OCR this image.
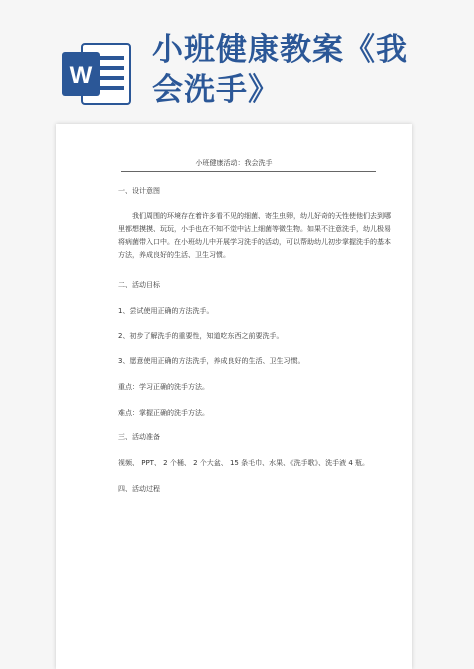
W
小班健康教案《我
会洗手》
小班健康活动：我会洗手
一、设计意图
我们周围的环境存在着许多看不见的细菌、寄生虫卵，幼儿好奇的天性使他们去到哪
里都想摸摸、玩玩，小手也在不知不觉中沾上细菌等微生物。如果不注意洗手，幼儿极易
将病菌带入口中。在小班幼儿中开展学习洗手的活动，可以帮助幼儿初步掌握洗手的基本
方法，养成良好的生活、卫生习惯。
二、活动目标
1、尝试使用正确的方法洗手。
2、初步了解洗手的重要性，知道吃东西之前要洗手。
3、愿意使用正确的方法洗手，养成良好的生活、卫生习惯。
重点：学习正确的洗手方法。
难点：掌握正确的洗手方法。
三、活动准备
视频、 PPT、 2 个桶、 2 个大盆、 15 条毛巾、水果、《洗手歌》、洗手液 4 瓶。
四、活动过程
